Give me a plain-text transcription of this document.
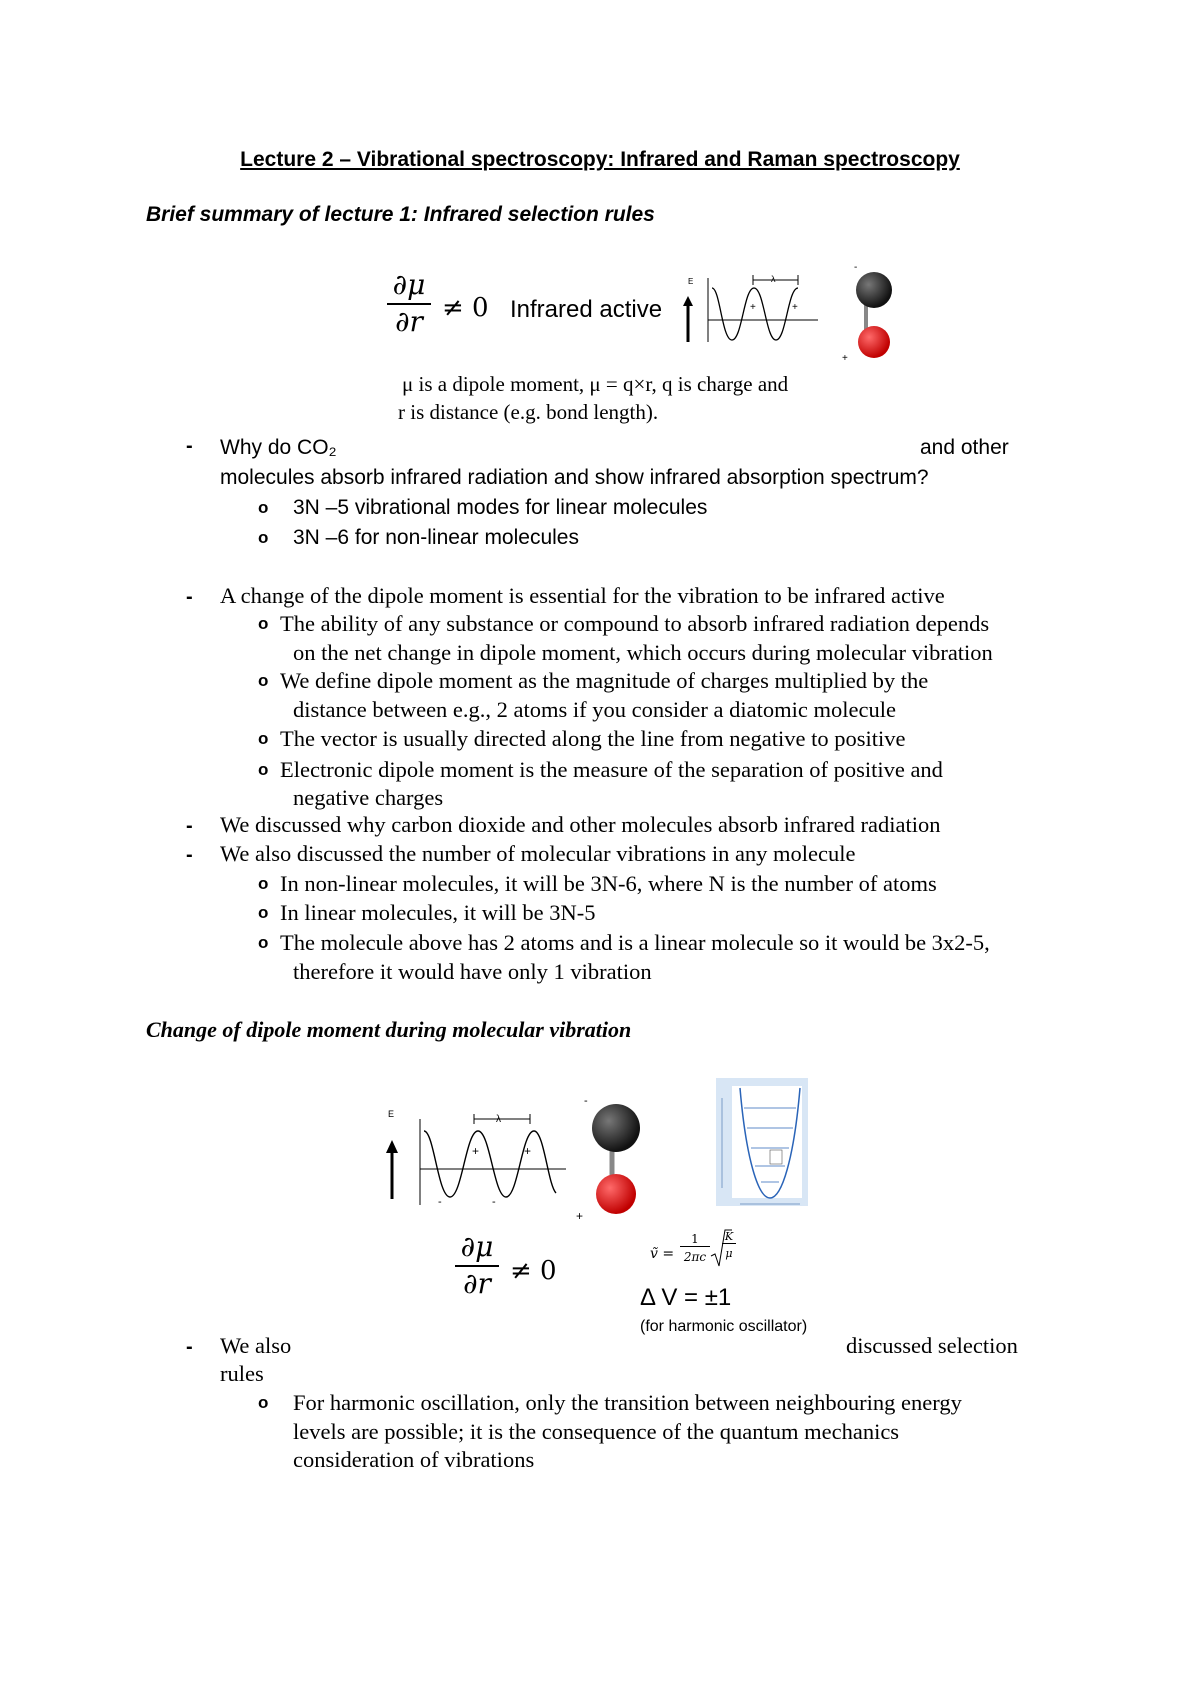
Lecture 2 – Vibrational spectroscopy: Infrared and Raman spectroscopy
Brief summary of lecture 1: Infrared selection rules
$\frac{\partial\mu}{\partial r} \ne 0$ Infrared active
E	λ
+	+
-
+
μ is a dipole moment, μ = q×r, q is charge and
r is distance (e.g. bond length).
- Why do CO₂	and other
molecules absorb infrared radiation and show infrared absorption spectrum?
o 3N –5 vibrational modes for linear molecules
o 3N –6 for non-linear molecules
- A change of the dipole moment is essential for the vibration to be infrared active
o The ability of any substance or compound to absorb infrared radiation depends
on the net change in dipole moment, which occurs during molecular vibration
o We define dipole moment as the magnitude of charges multiplied by the
distance between e.g., 2 atoms if you consider a diatomic molecule
o The vector is usually directed along the line from negative to positive
o Electronic dipole moment is the measure of the separation of positive and
negative charges
- We discussed why carbon dioxide and other molecules absorb infrared radiation
- We also discussed the number of molecular vibrations in any molecule
o In non-linear molecules, it will be 3N-6, where N is the number of atoms
o In linear molecules, it will be 3N-5
o The molecule above has 2 atoms and is a linear molecule so it would be 3x2-5,
therefore it would have only 1 vibration
Change of dipole moment during molecular vibration
E	λ
+	+
-	-
-
+
$\frac{\partial\mu}{\partial r} \ne 0$
ṽ =
1
2πc
K
μ
Δ V = ±1
(for harmonic oscillator)
- We also	discussed selection
rules
o For harmonic oscillation, only the transition between neighbouring energy
levels are possible; it is the consequence of the quantum mechanics
consideration of vibrations
